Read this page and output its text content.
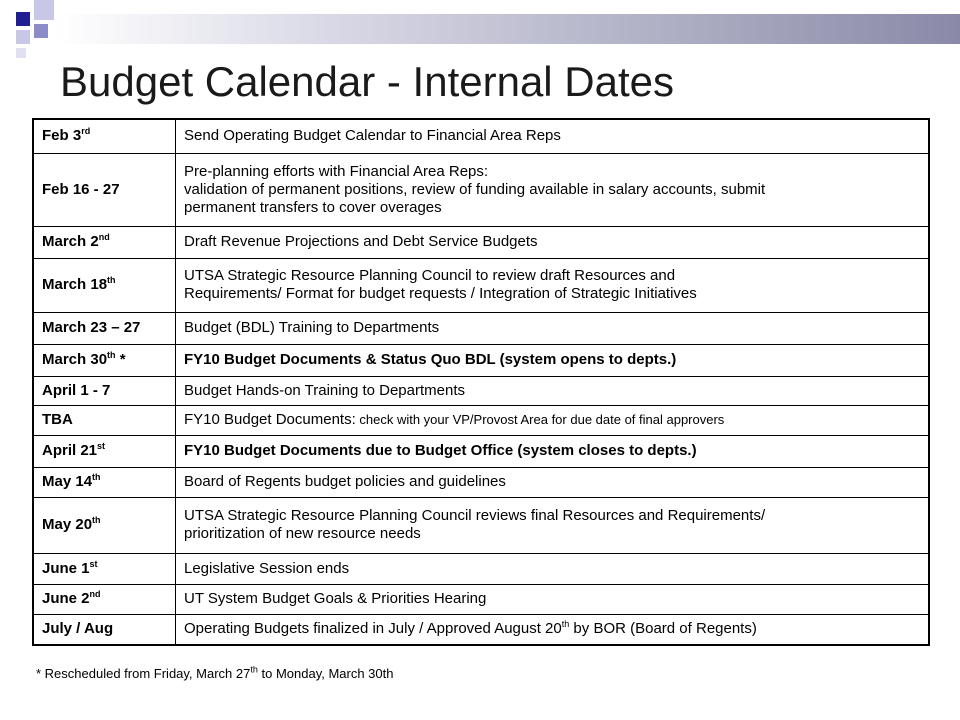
Budget Calendar - Internal Dates
Feb 3rd	Send Operating Budget Calendar to Financial Area Reps
Feb 16 - 27	Pre-planning efforts with Financial Area Reps:
validation of permanent positions, review of funding available in salary accounts, submit
permanent transfers to cover overages

March 2nd	Draft Revenue Projections and Debt Service Budgets
March 18th	UTSA Strategic Resource Planning Council to review draft Resources and
Requirements/ Format for budget requests / Integration of Strategic Initiatives

March 23 – 27	Budget (BDL) Training to Departments
March 30th *	FY10 Budget Documents & Status Quo BDL (system opens to depts.)
April 1 - 7	Budget Hands-on Training to Departments
TBA	FY10 Budget Documents: check with your VP/Provost Area for due date of final approvers
April 21st	FY10 Budget Documents due to Budget Office (system closes to depts.)
May 14th	Board of Regents budget policies and guidelines
May 20th	UTSA Strategic Resource Planning Council reviews final Resources and Requirements/
prioritization of new resource needs

June 1st	Legislative Session ends
June 2nd	UT System Budget Goals & Priorities Hearing
July / Aug	Operating Budgets finalized in July / Approved August 20th by BOR (Board of Regents)
* Rescheduled from Friday, March 27th to Monday, March 30th
